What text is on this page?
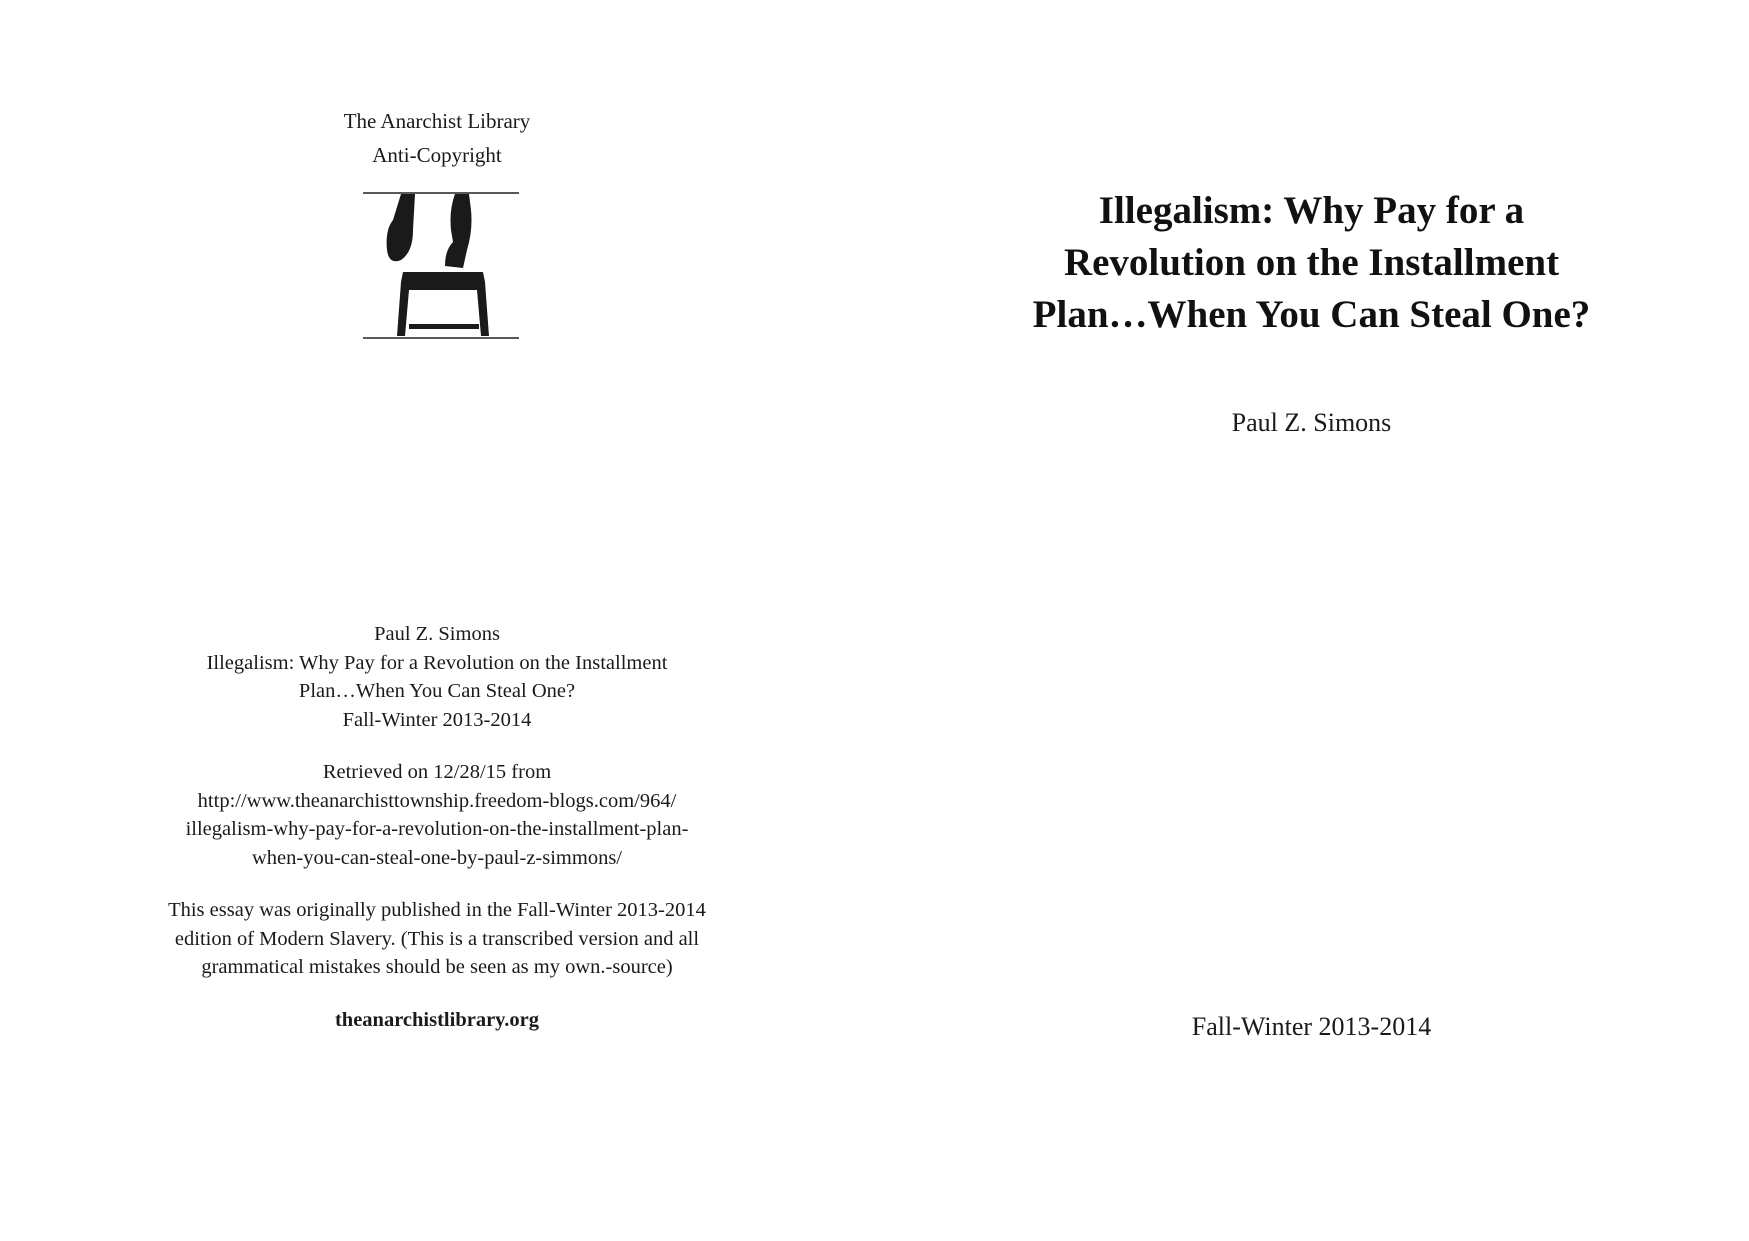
The Anarchist Library
Anti-Copyright
Paul Z. Simons
Illegalism: Why Pay for a Revolution on the Installment
Plan…When You Can Steal One?
Fall-Winter 2013-2014
Retrieved on 12/28/15 from
http://www.theanarchisttownship.freedom-blogs.com/964/
illegalism-why-pay-for-a-revolution-on-the-installment-plan-
when-you-can-steal-one-by-paul-z-simmons/
This essay was originally published in the Fall-Winter 2013-2014
edition of Modern Slavery. (This is a transcribed version and all
grammatical mistakes should be seen as my own.-source)
theanarchistlibrary.org
Illegalism: Why Pay for a
Revolution on the Installment
Plan…When You Can Steal One?
Paul Z. Simons
Fall-Winter 2013-2014
